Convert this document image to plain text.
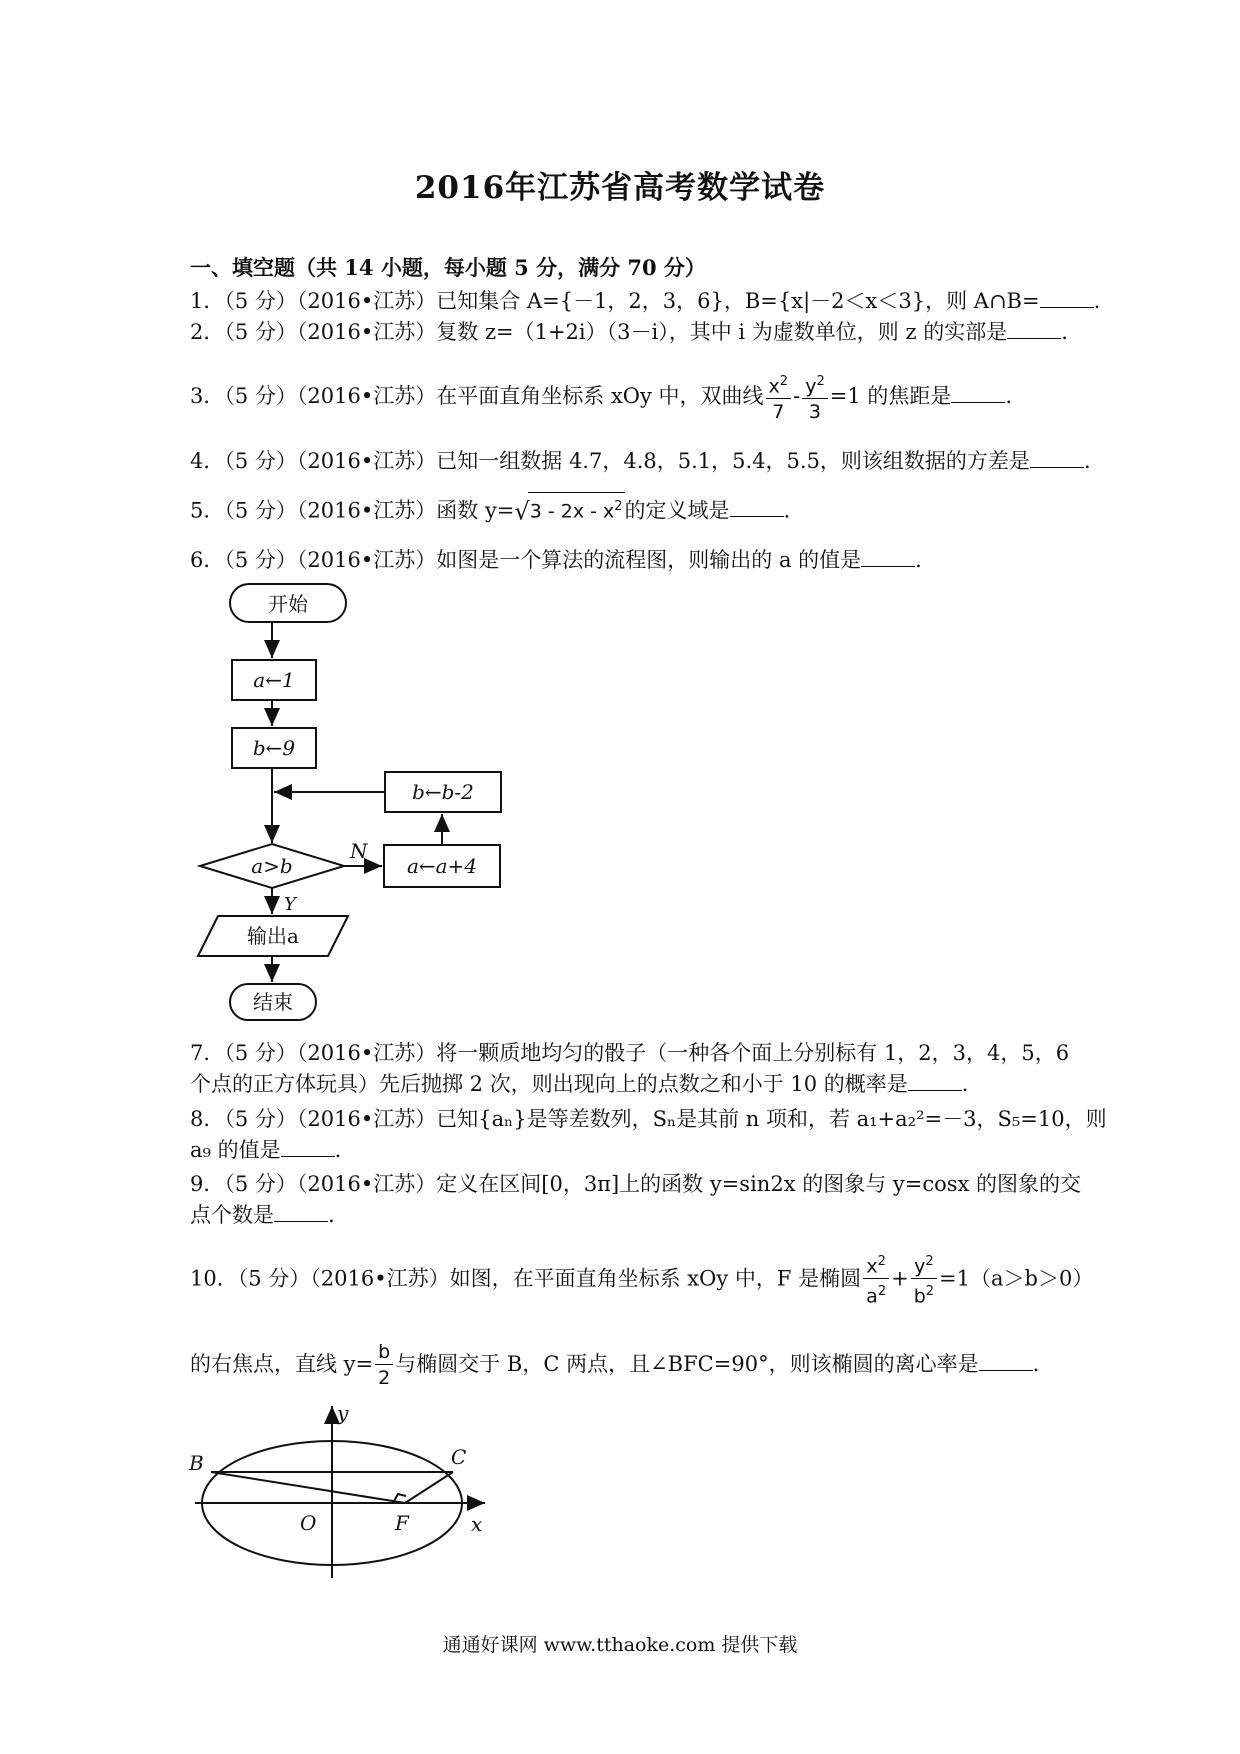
2016年江苏省高考数学试卷
一、填空题（共 14 小题，每小题 5 分，满分 70 分）
1．（5 分）（2016•江苏）已知集合 A={－1，2，3，6}，B={x|－2＜x＜3}，则 A∩B=	.
2．（5 分）（2016•江苏）复数 z=（1+2i）（3－i），其中 i 为虚数单位，则 z 的实部是	.
3．（5 分）（2016•江苏）在平面直角坐标系 xOy 中，双曲线 $\frac{x^2}{7} - \frac{y^2}{3} =1$ 的焦距是	.
4．（5 分）（2016•江苏）已知一组数据 4.7，4.8，5.1，5.4，5.5，则该组数据的方差是	.
5．（5 分）（2016•江苏）函数 $y=√3 - 2x - x^2$的定义域是	.
6．（5 分）（2016•江苏）如图是一个算法的流程图，则输出的 a 的值是	.
开始
a←1
b←9
b←b-2
a>b	a←a+4
N
Y
输出a
结束
7．（5 分）（2016•江苏）将一颗质地均匀的骰子（一种各个面上分别标有 1，2，3，4，5，6
个点的正方体玩具）先后抛掷 2 次，则出现向上的点数之和小于 10 的概率是	.
8．（5 分）（2016•江苏）已知{aₙ}是等差数列，Sₙ是其前 n 项和，若 a₁+a₂²=－3，S₅=10，则
a₉ 的值是	.
9．（5 分）（2016•江苏）定义在区间[0，3π]上的函数 y=sin2x 的图象与 y=cosx 的图象的交
点个数是	.
10．（5 分）（2016•江苏）如图，在平面直角坐标系 xOy 中，F 是椭圆 $\frac{x^2}{a^2} + \frac{y^2}{b^2} =1(a>b>0)$
的右焦点，直线 $y= \frac{b}{2}$ 与椭圆交于 B，C 两点，且∠BFC=90°，则该椭圆的离心率是	.
y
x
B	C
O	F
通通好课网 www.tthaoke.com 提供下载
